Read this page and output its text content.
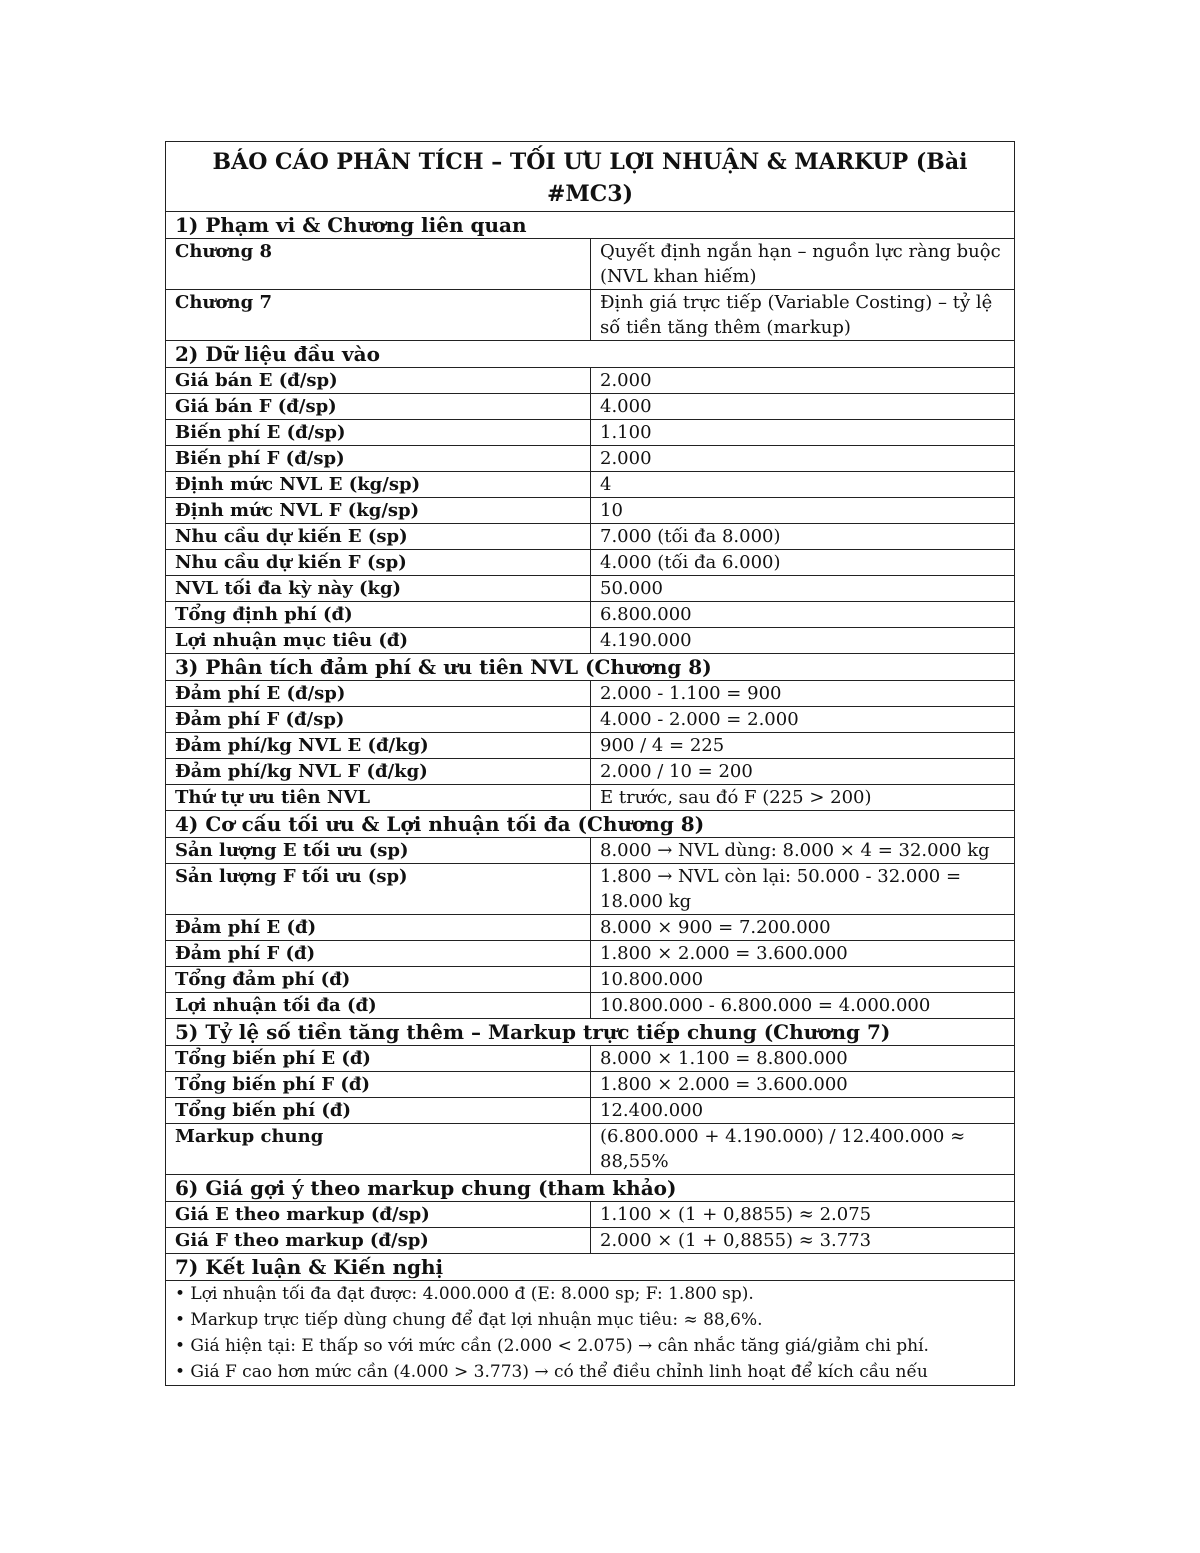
BÁO CÁO PHÂN TÍCH – TỐI ƯU LỢI NHUẬN & MARKUP (Bài #MC3)	
1) Phạm vi & Chương liên quan	
Chương 8	Quyết định ngắn hạn – nguồn lực ràng buộc (NVL khan hiếm)
Chương 7	Định giá trực tiếp (Variable Costing) – tỷ lệ số tiền tăng thêm (markup)
2) Dữ liệu đầu vào	
Giá bán E (đ/sp)	2.000
Giá bán F (đ/sp)	4.000
Biến phí E (đ/sp)	1.100
Biến phí F (đ/sp)	2.000
Định mức NVL E (kg/sp)	4
Định mức NVL F (kg/sp)	10
Nhu cầu dự kiến E (sp)	7.000 (tối đa 8.000)
Nhu cầu dự kiến F (sp)	4.000 (tối đa 6.000)
NVL tối đa kỳ này (kg)	50.000
Tổng định phí (đ)	6.800.000
Lợi nhuận mục tiêu (đ)	4.190.000
3) Phân tích đảm phí & ưu tiên NVL (Chương 8)	
Đảm phí E (đ/sp)	2.000 - 1.100 = 900
Đảm phí F (đ/sp)	4.000 - 2.000 = 2.000
Đảm phí/kg NVL E (đ/kg)	900 / 4 = 225
Đảm phí/kg NVL F (đ/kg)	2.000 / 10 = 200
Thứ tự ưu tiên NVL	E trước, sau đó F (225 > 200)
4) Cơ cấu tối ưu & Lợi nhuận tối đa (Chương 8)	
Sản lượng E tối ưu (sp)	8.000 → NVL dùng: 8.000 × 4 = 32.000 kg
Sản lượng F tối ưu (sp)	1.800 → NVL còn lại: 50.000 - 32.000 = 18.000 kg
Đảm phí E (đ)	8.000 × 900 = 7.200.000
Đảm phí F (đ)	1.800 × 2.000 = 3.600.000
Tổng đảm phí (đ)	10.800.000
Lợi nhuận tối đa (đ)	10.800.000 - 6.800.000 = 4.000.000
5) Tỷ lệ số tiền tăng thêm – Markup trực tiếp chung (Chương 7)	
Tổng biến phí E (đ)	8.000 × 1.100 = 8.800.000
Tổng biến phí F (đ)	1.800 × 2.000 = 3.600.000
Tổng biến phí (đ)	12.400.000
Markup chung	(6.800.000 + 4.190.000) / 12.400.000 ≈ 88,55%
6) Giá gợi ý theo markup chung (tham khảo)	
Giá E theo markup (đ/sp)	1.100 × (1 + 0,8855) ≈ 2.075
Giá F theo markup (đ/sp)	2.000 × (1 + 0,8855) ≈ 3.773
7) Kết luận & Kiến nghị	

• Lợi nhuận tối đa đạt được: 4.000.000 đ (E: 8.000 sp; F: 1.800 sp).
• Markup trực tiếp dùng chung để đạt lợi nhuận mục tiêu: ≈ 88,6%.
• Giá hiện tại: E thấp so với mức cần (2.000 < 2.075) → cân nhắc tăng giá/giảm chi phí.
• Giá F cao hơn mức cần (4.000 > 3.773) → có thể điều chỉnh linh hoạt để kích cầu nếu	
